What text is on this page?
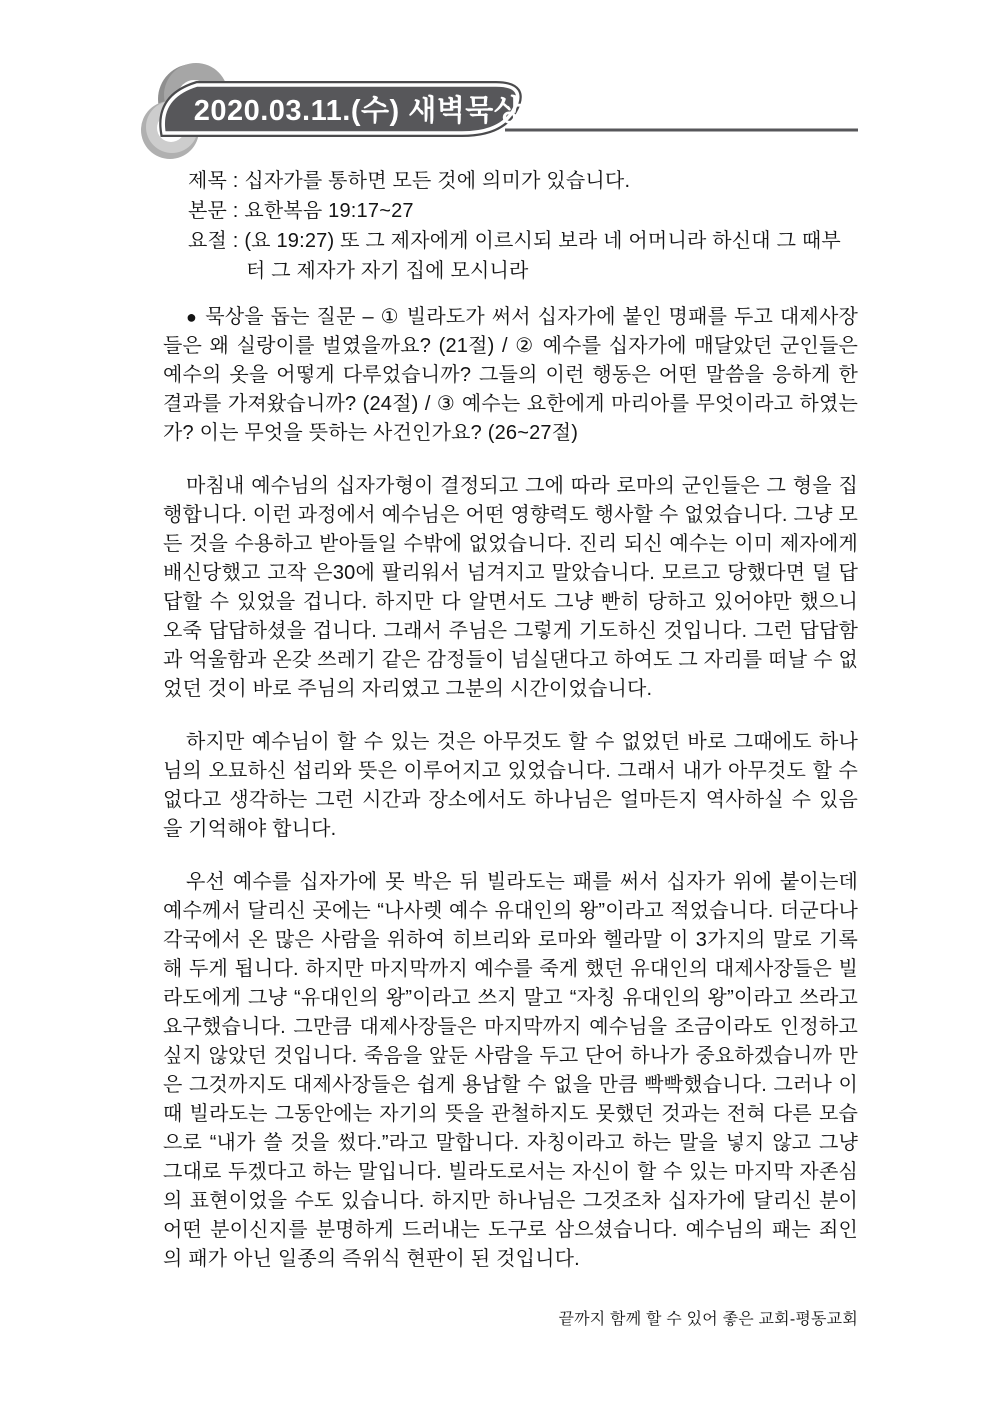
2020.03.11.(수) 새벽묵상
제목 : 십자가를 통하면 모든 것에 의미가 있습니다.
본문 : 요한복음 19:17~27
요절 : (요 19:27) 또 그 제자에게 이르시되 보라 네 어머니라 하신대 그 때부터 그 제자가 자기 집에 모시니라
● 묵상을 돕는 질문 – ① 빌라도가 써서 십자가에 붙인 명패를 두고 대제사장들은 왜 실랑이를 벌였을까요? (21절) / ② 예수를 십자가에 매달았던 군인들은 예수의 옷을 어떻게 다루었습니까? 그들의 이런 행동은 어떤 말씀을 응하게 한 결과를 가져왔습니까? (24절) / ③ 예수는 요한에게 마리아를 무엇이라고 하였는가? 이는 무엇을 뜻하는 사건인가요? (26~27절)

마침내 예수님의 십자가형이 결정되고 그에 따라 로마의 군인들은 그 형을 집행합니다. 이런 과정에서 예수님은 어떤 영향력도 행사할 수 없었습니다. 그냥 모든 것을 수용하고 받아들일 수밖에 없었습니다. 진리 되신 예수는 이미 제자에게 배신당했고 고작 은30에 팔리워서 넘겨지고 말았습니다. 모르고 당했다면 덜 답답할 수 있었을 겁니다. 하지만 다 알면서도 그냥 빤히 당하고 있어야만 했으니 오죽 답답하셨을 겁니다. 그래서 주님은 그렇게 기도하신 것입니다. 그런 답답함과 억울함과 온갖 쓰레기 같은 감정들이 넘실댄다고 하여도 그 자리를 떠날 수 없었던 것이 바로 주님의 자리였고 그분의 시간이었습니다.

하지만 예수님이 할 수 있는 것은 아무것도 할 수 없었던 바로 그때에도 하나님의 오묘하신 섭리와 뜻은 이루어지고 있었습니다. 그래서 내가 아무것도 할 수 없다고 생각하는 그런 시간과 장소에서도 하나님은 얼마든지 역사하실 수 있음을 기억해야 합니다.

우선 예수를 십자가에 못 박은 뒤 빌라도는 패를 써서 십자가 위에 붙이는데 예수께서 달리신 곳에는 “나사렛 예수 유대인의 왕”이라고 적었습니다. 더군다나 각국에서 온 많은 사람을 위하여 히브리와 로마와 헬라말 이 3가지의 말로 기록해 두게 됩니다. 하지만 마지막까지 예수를 죽게 했던 유대인의 대제사장들은 빌라도에게 그냥 “유대인의 왕”이라고 쓰지 말고 “자칭 유대인의 왕”이라고 쓰라고 요구했습니다. 그만큼 대제사장들은 마지막까지 예수님을 조금이라도 인정하고 싶지 않았던 것입니다. 죽음을 앞둔 사람을 두고 단어 하나가 중요하겠습니까 만은 그것까지도 대제사장들은 쉽게 용납할 수 없을 만큼 빡빡했습니다. 그러나 이 때 빌라도는 그동안에는 자기의 뜻을 관철하지도 못했던 것과는 전혀 다른 모습으로 “내가 쓸 것을 썼다.”라고 말합니다. 자칭이라고 하는 말을 넣지 않고 그냥 그대로 두겠다고 하는 말입니다. 빌라도로서는 자신이 할 수 있는 마지막 자존심의 표현이었을 수도 있습니다. 하지만 하나님은 그것조차 십자가에 달리신 분이 어떤 분이신지를 분명하게 드러내는 도구로 삼으셨습니다. 예수님의 패는 죄인의 패가 아닌 일종의 즉위식 현판이 된 것입니다.

끝까지 함께 할 수 있어 좋은 교회-평동교회
